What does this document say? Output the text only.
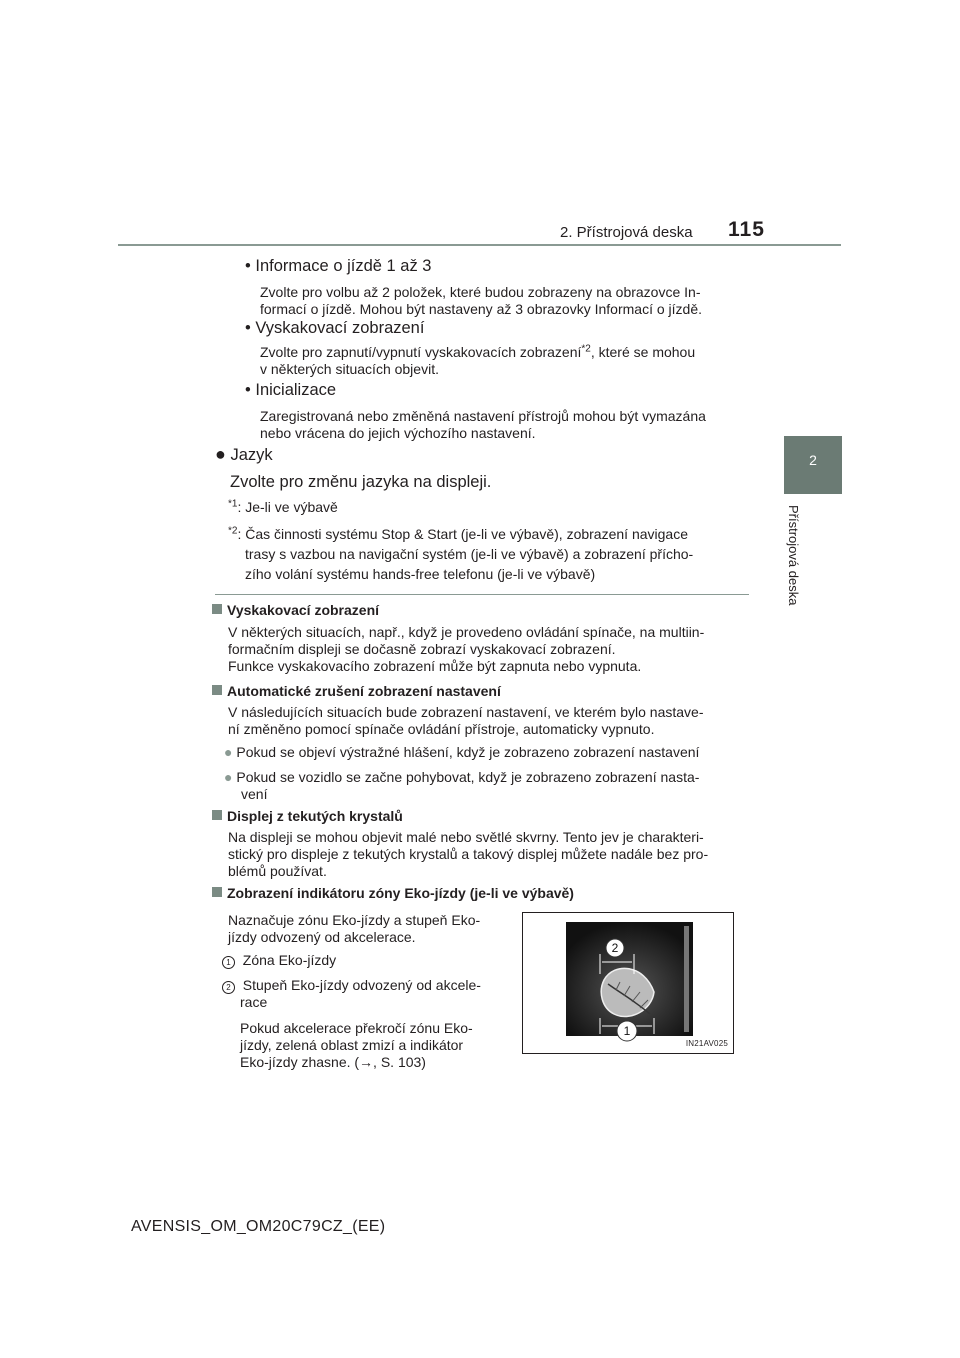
2. Přístrojová deska 115
2
Přístrojová deska
• Informace o jízdě 1 až 3
Zvolte pro volbu až 2 položek, které budou zobrazeny na obrazovce In-
formací o jízdě. Mohou být nastaveny až 3 obrazovky Informací o jízdě.
• Vyskakovací zobrazení
Zvolte pro zapnutí/vypnutí vyskakovacích zobrazení$^{*2}$, které se mohou
v některých situacích objevit.
• Inicializace
Zaregistrovaná nebo změněná nastavení přístrojů mohou být vymazána
nebo vrácena do jejich výchozího nastavení.
● Jazyk
Zvolte pro změnu jazyka na displeji.
$^{*1}$: Je-li ve výbavě
$^{*2}$: Čas činnosti systému Stop & Start (je-li ve výbavě), zobrazení navigace
trasy s vazbou na navigační systém (je-li ve výbavě) a zobrazení přícho-
zího volání systému hands-free telefonu (je-li ve výbavě)
Vyskakovací zobrazení
V některých situacích, např., když je provedeno ovládání spínače, na multiin-
formačním displeji se dočasně zobrazí vyskakovací zobrazení.
Funkce vyskakovacího zobrazení může být zapnuta nebo vypnuta.
Automatické zrušení zobrazení nastavení
V následujících situacích bude zobrazení nastavení, ve kterém bylo nastave-
ní změněno pomocí spínače ovládání přístroje, automaticky vypnuto.
● Pokud se objeví výstražné hlášení, když je zobrazeno zobrazení nastavení
● Pokud se vozidlo se začne pohybovat, když je zobrazeno zobrazení nasta-
vení
Displej z tekutých krystalů
Na displeji se mohou objevit malé nebo světlé skvrny. Tento jev je charakteri-
stický pro displeje z tekutých krystalů a takový displej můžete nadále bez pro-
blémů používat.
Zobrazení indikátoru zóny Eko-jízdy (je-li ve výbavě)
Naznačuje zónu Eko-jízdy a stupeň Eko-
jízdy odvozený od akcelerace.
1 Zóna Eko-jízdy
2 Stupeň Eko-jízdy odvozený od akcele-
race
Pokud akcelerace překročí zónu Eko-
jízdy, zelená oblast zmizí a indikátor
Eko-jízdy zhasne. (→, S. 103)
2
1
IN21AV025
AVENSIS_OM_OM20C79CZ_(EE)
